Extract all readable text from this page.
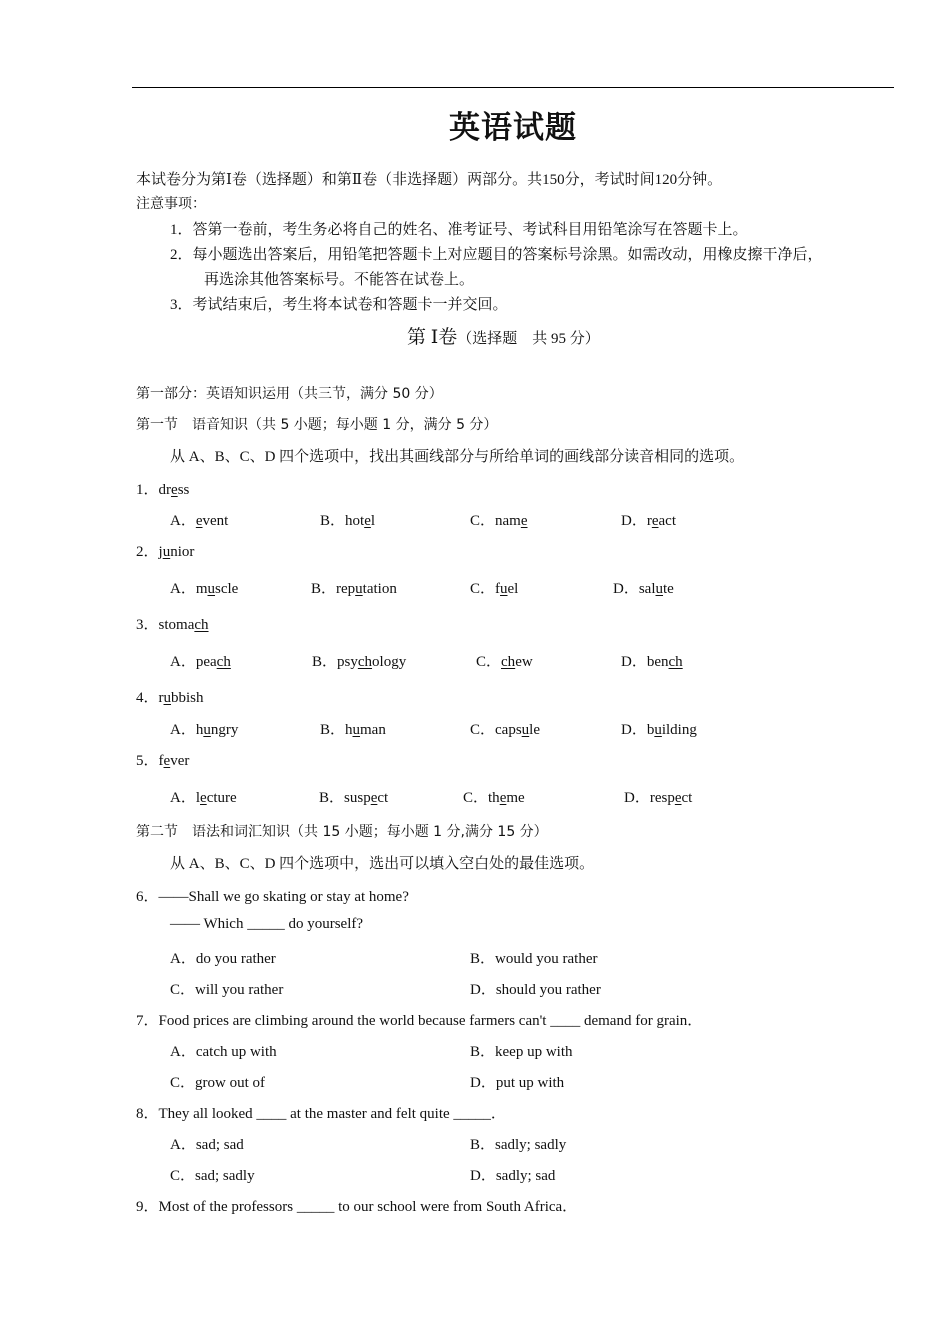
英语试题
本试卷分为第Ⅰ卷（选择题）和第Ⅱ卷（非选择题）两部分。共150分，考试时间120分钟。
注意事项：
1．答第一卷前，考生务必将自己的姓名、准考证号、考试科目用铅笔涂写在答题卡上。
2．每小题选出答案后，用铅笔把答题卡上对应题目的答案标号涂黑。如需改动，用橡皮擦干净后，
再选涂其他答案标号。不能答在试卷上。
3．考试结束后，考生将本试卷和答题卡一并交回。
第 Ⅰ卷（选择题　共 95 分）
第一部分：英语知识运用（共三节，满分 50 分）
第一节　语音知识（共 5 小题；每小题 1 分，满分 5 分）
从 A、B、C、D 四个选项中，找出其画线部分与所给单词的画线部分读音相同的选项。
1．dress
A．event	B．hotel	C．name	D．react
2．junior
A．muscle	B．reputation	C．fuel	D．salute
3．stomach
A．peach	B．psychology	C．chew	D．bench
4．rubbish
A．hungry	B．human	C．capsule	D．building
5．fever
A．lecture	B．suspect	C．theme	D．respect
第二节　语法和词汇知识（共 15 小题；每小题 1 分,满分 15 分）
从 A、B、C、D 四个选项中，选出可以填入空白处的最佳选项。
6．——Shall we go skating or stay at home?
—— Which _____ do yourself?
A．do you rather	B．would you rather
C．will you rather	D．should you rather
7．Food prices are climbing around the world because farmers can't ____ demand for grain．
A．catch up with	B．keep up with
C．grow out of	D．put up with
8．They all looked ____ at the master and felt quite _____．
A．sad; sad	B．sadly; sadly
C．sad; sadly	D．sadly; sad
9．Most of the professors _____ to our school were from South Africa．
